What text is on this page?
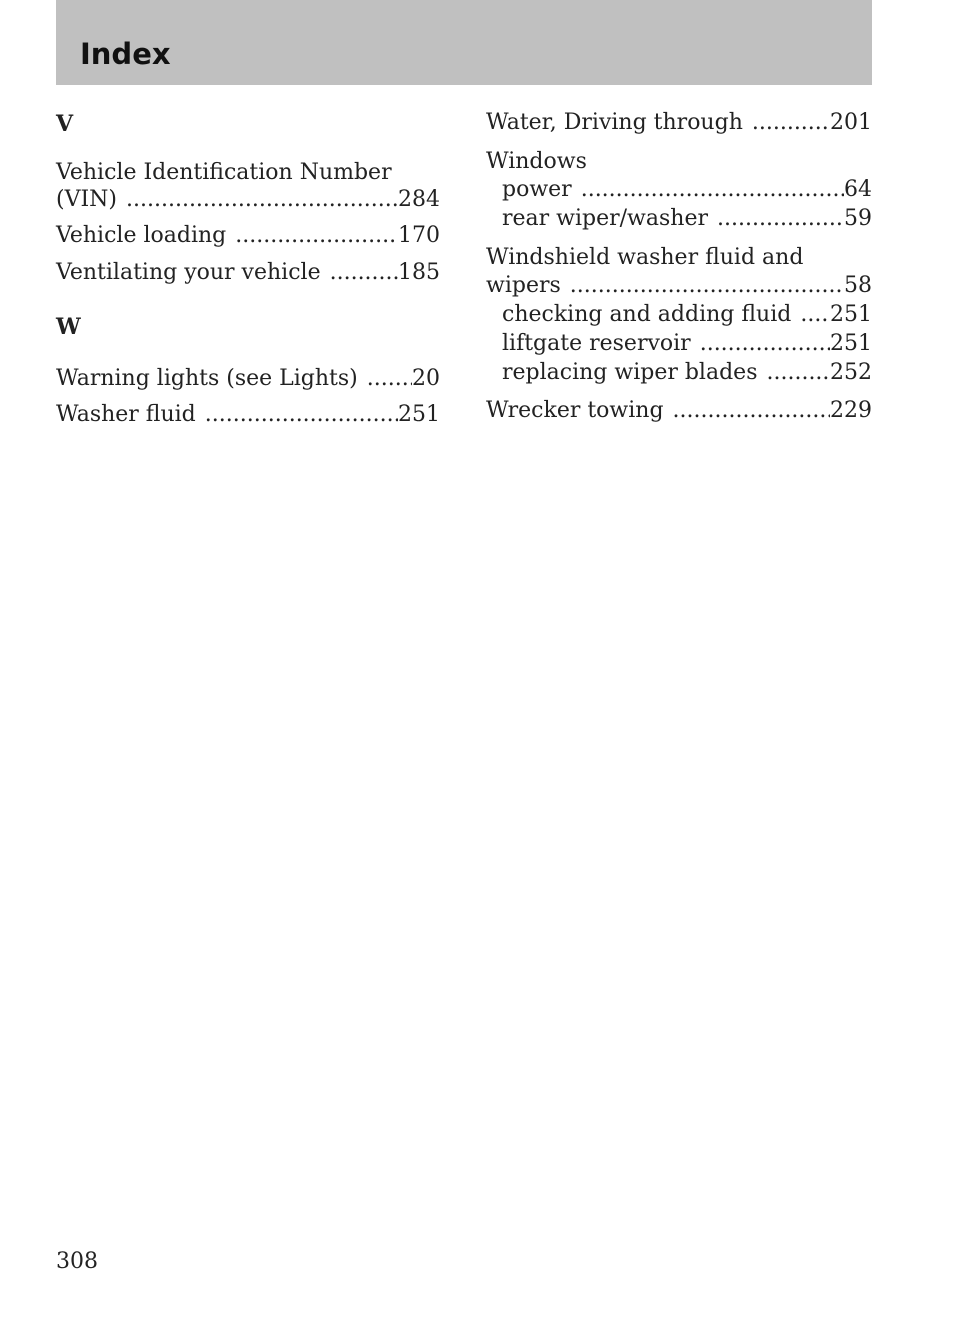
Index
V
Vehicle Identification Number
(VIN) .....	284
Vehicle loading .....	170
Ventilating your vehicle .....	185
W
Warning lights (see Lights) ..... 20
Washer fluid .....	251
Water, Driving through .....	201
Windows
power .....	64
rear wiper/washer .....	59
Windshield washer fluid and
wipers .....	58
checking and adding fluid ..... 251
liftgate reservoir .....	251
replacing wiper blades .....	252
Wrecker towing .....	229
308
